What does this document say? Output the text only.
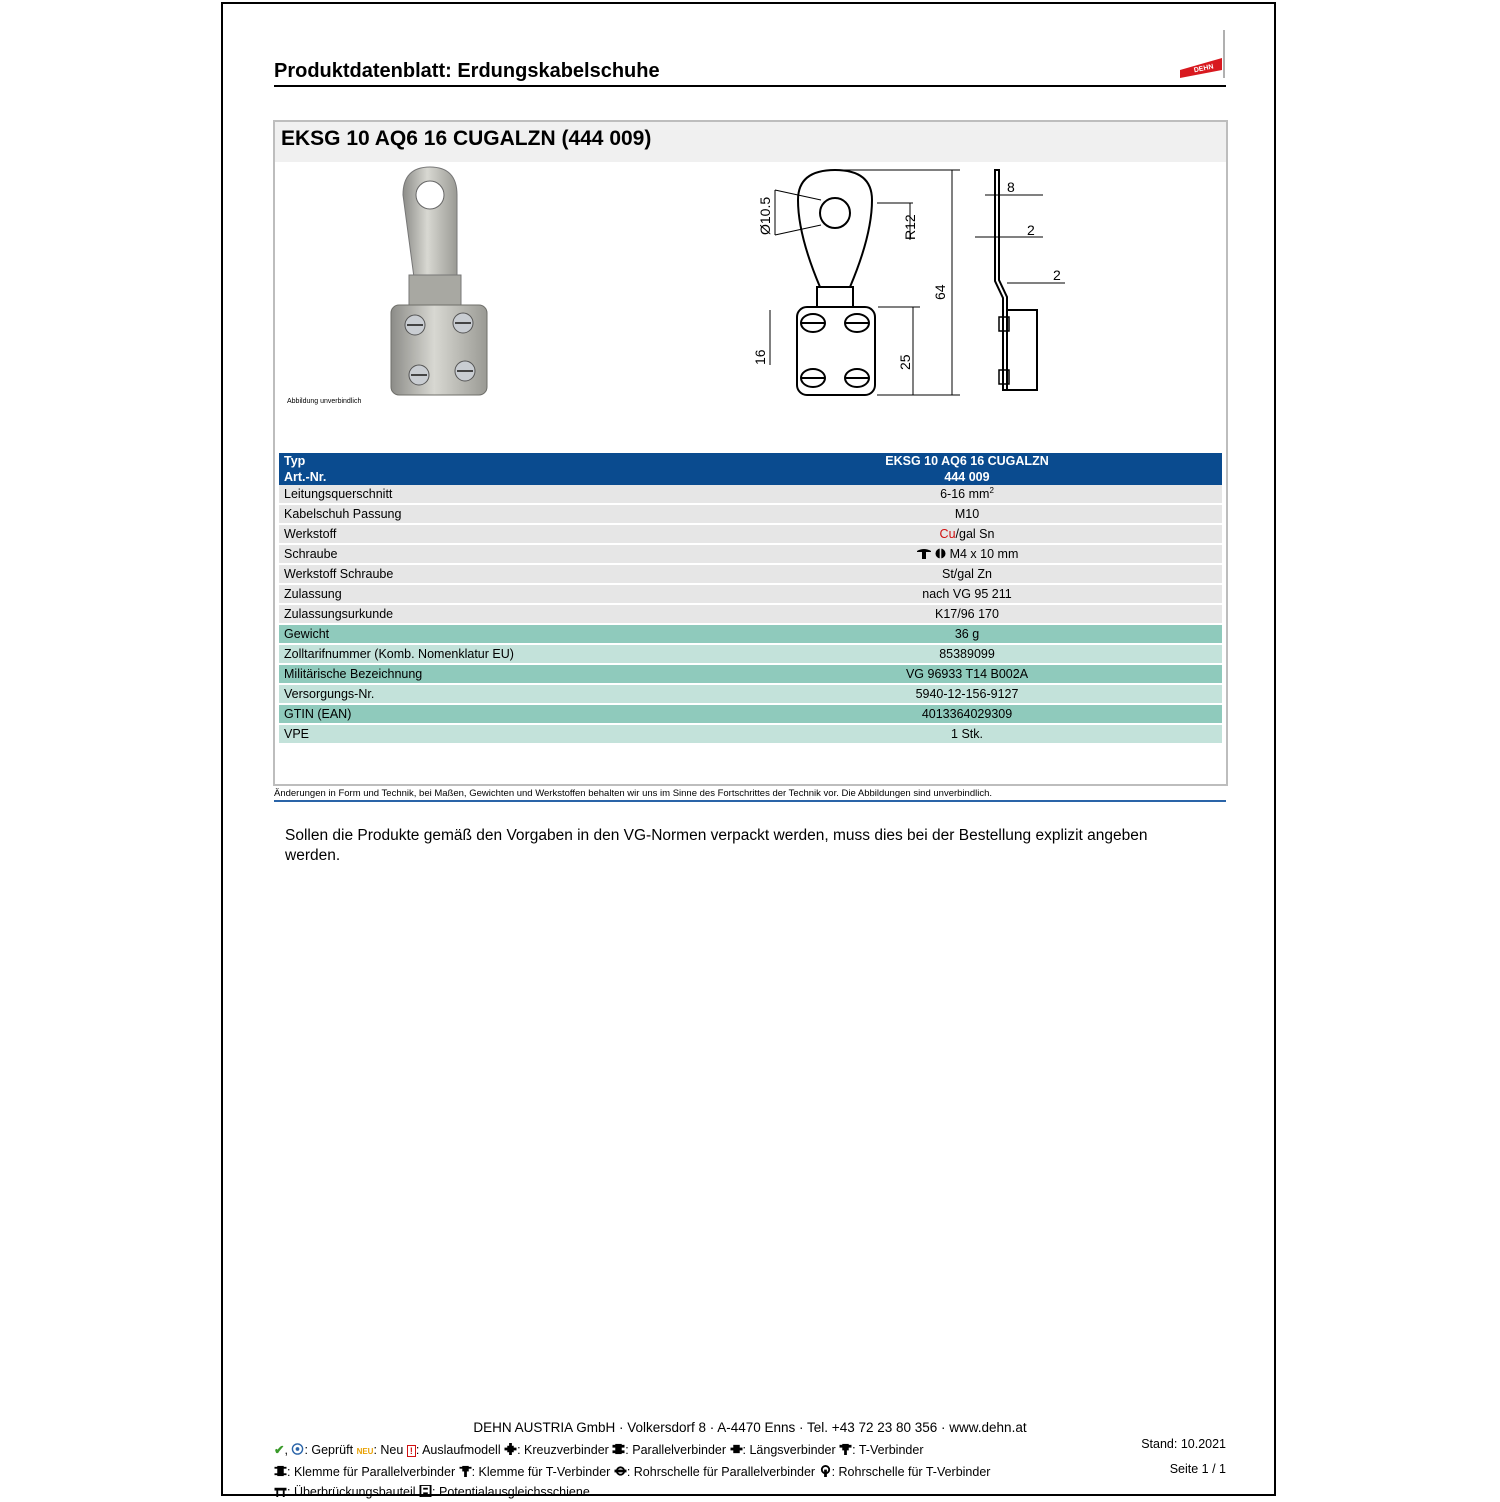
Produktdatenblatt: Erdungskabelschuhe	DEHN
EKSG 10 AQ6 16 CUGALZN (444 009)
Abbildung unverbindlich
Ø10.5	R12
64
16	25
8
2
2
Typ	EKSG 10 AQ6 16 CUGALZN
Art.-Nr.	444 009
Leitungsquerschnitt	6-16 $mm^2$
Kabelschuh Passung	M10
Werkstoff	Cu/gal Sn
Schraube	M4 x 10 mm
Werkstoff Schraube	St/gal Zn
Zulassung	nach VG 95 211
Zulassungsurkunde	K17/96 170
Gewicht	36 g
Zolltarifnummer (Komb. Nomenklatur EU)	85389099
Militärische Bezeichnung	VG 96933 T14 B002A
Versorgungs-Nr.	5940-12-156-9127
GTIN (EAN)	4013364029309
VPE	1 Stk.
Änderungen in Form und Technik, bei Maßen, Gewichten und Werkstoffen behalten wir uns im Sinne des Fortschrittes der Technik vor. Die Abbildungen sind unverbindlich.
Sollen die Produkte gemäß den Vorgaben in den VG-Normen verpackt werden, muss dies bei der Bestellung explizit angeben werden.
DEHN AUSTRIA GmbH · Volkersdorf 8 · A-4470 Enns · Tel. +43 72 23 80 356 · www.dehn.at
✔, : Geprüft NEU: Neu ! : Auslaufmodell : Kreuzverbinder : Parallelverbinder : Längsverbinder : T-Verbinder
: Klemme für Parallelverbinder : Klemme für T-Verbinder : Rohrschelle für Parallelverbinder : Rohrschelle für T-Verbinder
: Überbrückungsbauteil : Potentialausgleichsschiene
Stand: 10.2021
Seite 1 / 1
